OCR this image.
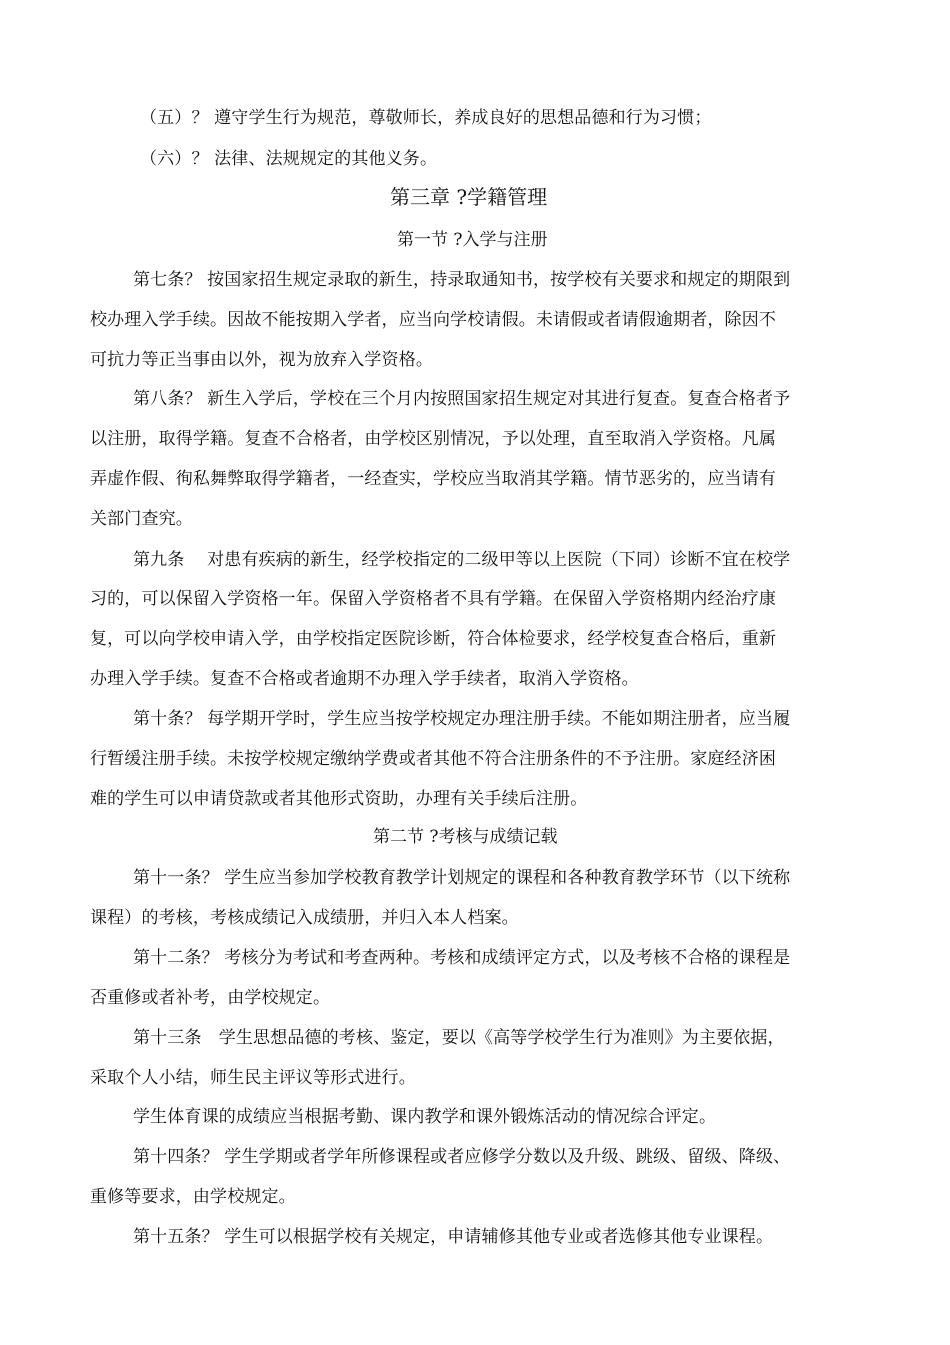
（五）？ 遵守学生行为规范，尊敬师长，养成良好的思想品德和行为习惯；
（六）？ 法律、法规规定的其他义务。
第三章 ?学籍管理
第一节 ?入学与注册
第七条？ 按国家招生规定录取的新生，持录取通知书，按学校有关要求和规定的期限到
校办理入学手续。因故不能按期入学者，应当向学校请假。未请假或者请假逾期者，除因不
可抗力等正当事由以外，视为放弃入学资格。
第八条？ 新生入学后，学校在三个月内按照国家招生规定对其进行复查。复查合格者予
以注册，取得学籍。复查不合格者，由学校区别情况，予以处理，直至取消入学资格。凡属
弄虚作假、徇私舞弊取得学籍者，一经查实，学校应当取消其学籍。情节恶劣的，应当请有
关部门查究。
第九条　 对患有疾病的新生，经学校指定的二级甲等以上医院（下同）诊断不宜在校学
习的，可以保留入学资格一年。保留入学资格者不具有学籍。在保留入学资格期内经治疗康
复，可以向学校申请入学，由学校指定医院诊断，符合体检要求，经学校复查合格后，重新
办理入学手续。复查不合格或者逾期不办理入学手续者，取消入学资格。
第十条？ 每学期开学时，学生应当按学校规定办理注册手续。不能如期注册者，应当履
行暂缓注册手续。未按学校规定缴纳学费或者其他不符合注册条件的不予注册。家庭经济困
难的学生可以申请贷款或者其他形式资助，办理有关手续后注册。
第二节 ?考核与成绩记载
第十一条？ 学生应当参加学校教育教学计划规定的课程和各种教育教学环节（以下统称
课程）的考核，考核成绩记入成绩册，并归入本人档案。
第十二条？ 考核分为考试和考查两种。考核和成绩评定方式，以及考核不合格的课程是
否重修或者补考，由学校规定。
第十三条　学生思想品德的考核、鉴定，要以《高等学校学生行为准则》为主要依据，
采取个人小结，师生民主评议等形式进行。
学生体育课的成绩应当根据考勤、课内教学和课外锻炼活动的情况综合评定。
第十四条？ 学生学期或者学年所修课程或者应修学分数以及升级、跳级、留级、降级、
重修等要求，由学校规定。
第十五条？ 学生可以根据学校有关规定，申请辅修其他专业或者选修其他专业课程。
